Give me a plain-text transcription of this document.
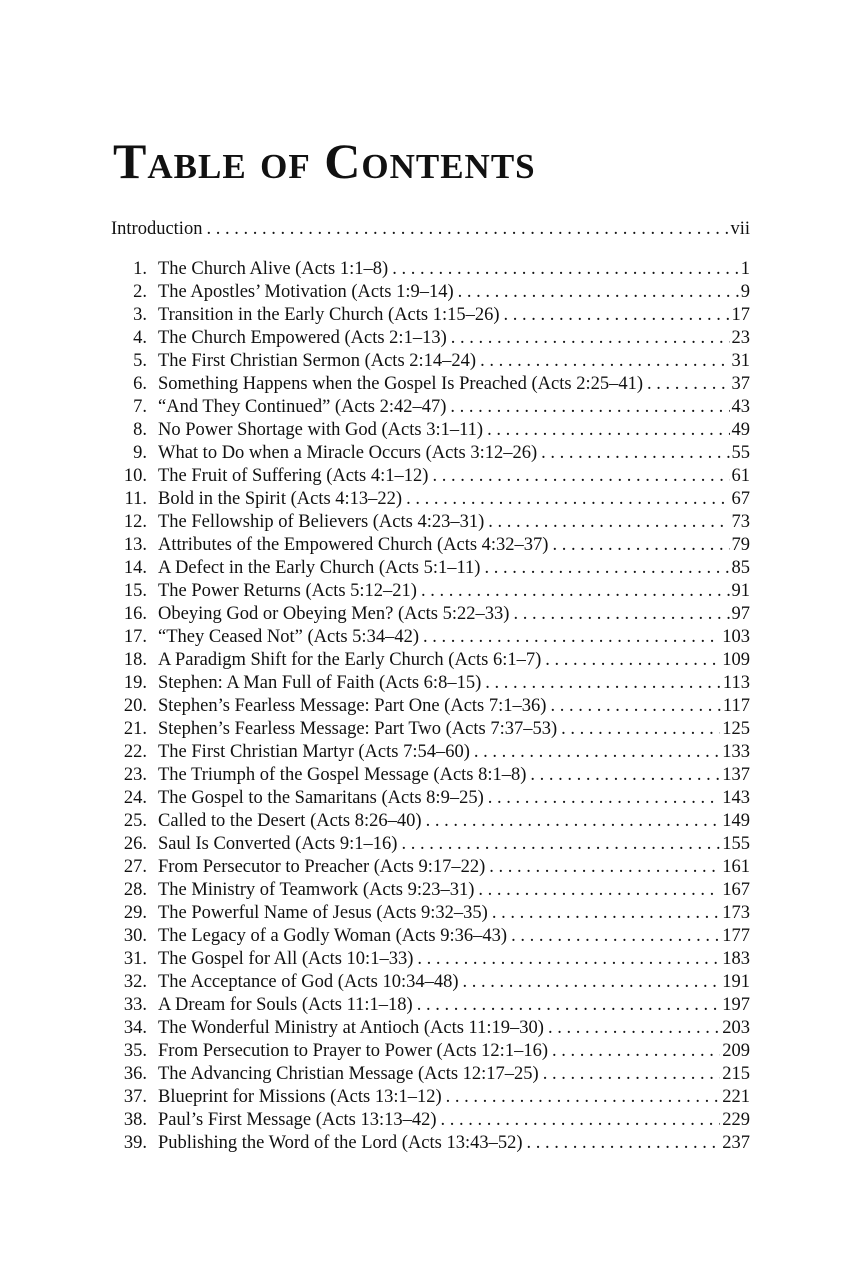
Table of Contents
Introduction . . .	vii
1. The Church Alive (Acts 1:1–8) . . .	1
2. The Apostles’ Motivation (Acts 1:9–14) . . .	9
3. Transition in the Early Church (Acts 1:15–26) . . .	17
4. The Church Empowered (Acts 2:1–13) . . .	23
5. The First Christian Sermon (Acts 2:14–24) . . .	31
6. Something Happens when the Gospel Is Preached (Acts 2:25–41) . . .	37
7. “And They Continued” (Acts 2:42–47) . . .	43
8. No Power Shortage with God (Acts 3:1–11) . . .	49
9. What to Do when a Miracle Occurs (Acts 3:12–26) . . .	55
10. The Fruit of Suffering (Acts 4:1–12) . . .	61
11. Bold in the Spirit (Acts 4:13–22) . . .	67
12. The Fellowship of Believers (Acts 4:23–31) . . .	73
13. Attributes of the Empowered Church (Acts 4:32–37) . . .	79
14. A Defect in the Early Church (Acts 5:1–11) . . .	85
15. The Power Returns (Acts 5:12–21) . . .	91
16. Obeying God or Obeying Men? (Acts 5:22–33) . . .	97
17. “They Ceased Not” (Acts 5:34–42) . . .	103
18. A Paradigm Shift for the Early Church (Acts 6:1–7) . . .	109
19. Stephen: A Man Full of Faith (Acts 6:8–15) . . .	113
20. Stephen’s Fearless Message: Part One (Acts 7:1–36) . . .	117
21. Stephen’s Fearless Message: Part Two (Acts 7:37–53) . . .	125
22. The First Christian Martyr (Acts 7:54–60) . . .	133
23. The Triumph of the Gospel Message (Acts 8:1–8) . . .	137
24. The Gospel to the Samaritans (Acts 8:9–25) . . .	143
25. Called to the Desert (Acts 8:26–40) . . .	149
26. Saul Is Converted (Acts 9:1–16) . . .	155
27. From Persecutor to Preacher (Acts 9:17–22) . . .	161
28. The Ministry of Teamwork (Acts 9:23–31) . . .	167
29. The Powerful Name of Jesus (Acts 9:32–35) . . .	173
30. The Legacy of a Godly Woman (Acts 9:36–43) . . .	177
31. The Gospel for All (Acts 10:1–33) . . .	183
32. The Acceptance of God (Acts 10:34–48) . . .	191
33. A Dream for Souls (Acts 11:1–18) . . .	197
34. The Wonderful Ministry at Antioch (Acts 11:19–30) . . .	203
35. From Persecution to Prayer to Power (Acts 12:1–16) . . .	209
36. The Advancing Christian Message (Acts 12:17–25) . . .	215
37. Blueprint for Missions (Acts 13:1–12) . . .	221
38. Paul’s First Message (Acts 13:13–42) . . .	229
39. Publishing the Word of the Lord (Acts 13:43–52) . . .	237
